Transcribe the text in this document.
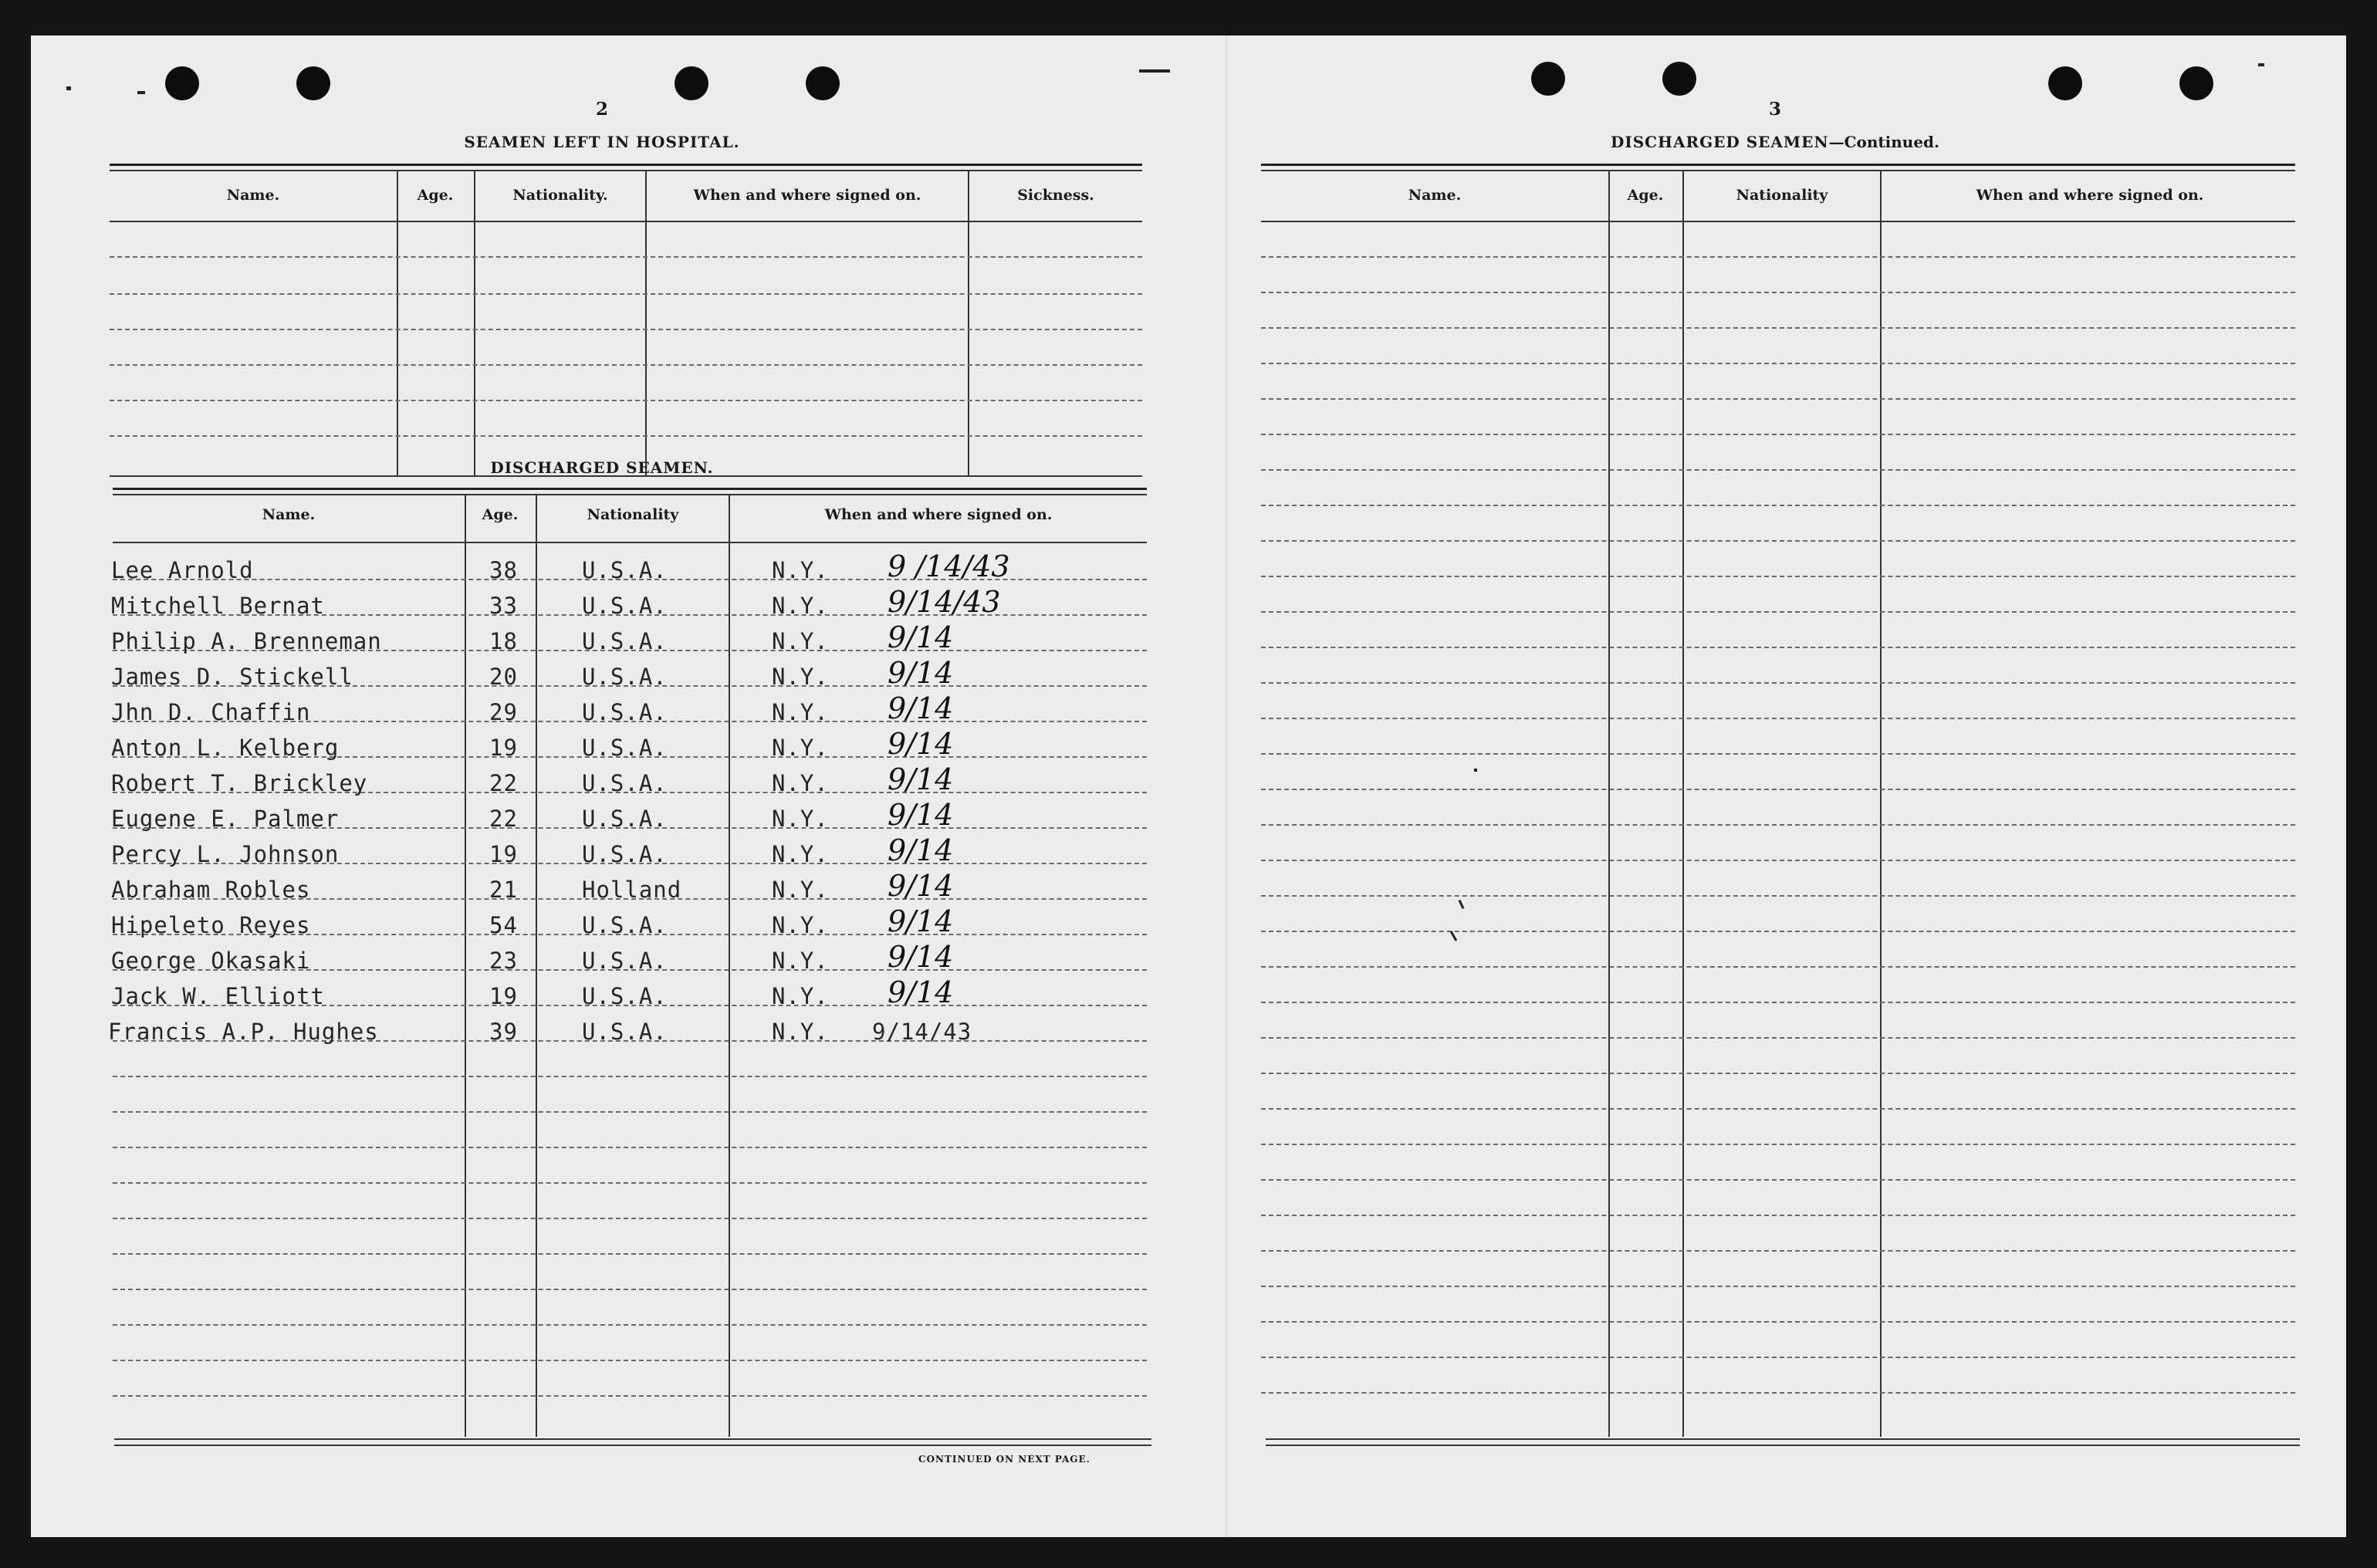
2
SEAMEN LEFT IN HOSPITAL.
Name.	Age.	Nationality.	When and where signed on.	Sickness.
DISCHARGED SEAMEN.
Name.	Age.	Nationality	When and where signed on.
Lee Arnold	38	U.S.A.	N.Y. 9 /14/43
Mitchell Bernat	33	U.S.A.	N.Y. 9/14/43
Philip A. Brenneman	18	U.S.A.	N.Y. 9/14
James D. Stickell	20	U.S.A.	N.Y. 9/14
Jhn D. Chaffin	29	U.S.A.	N.Y. 9/14
Anton L. Kelberg	19	U.S.A.	N.Y. 9/14
Robert T. Brickley	22	U.S.A.	N.Y. 9/14
Eugene E. Palmer	22	U.S.A.	N.Y. 9/14
Percy L. Johnson	19	U.S.A.	N.Y. 9/14
Abraham Robles	21	Holland	N.Y. 9/14
Hipeleto Reyes	54	U.S.A.	N.Y. 9/14
George Okasaki	23	U.S.A.	N.Y. 9/14
Jack W. Elliott	19	U.S.A.	N.Y. 9/14
Francis A.P. Hughes	39	U.S.A.	N.Y. 9/14/43
CONTINUED ON NEXT PAGE.
3
DISCHARGED SEAMEN—Continued.
Name.	Age.	Nationality	When and where signed on.
